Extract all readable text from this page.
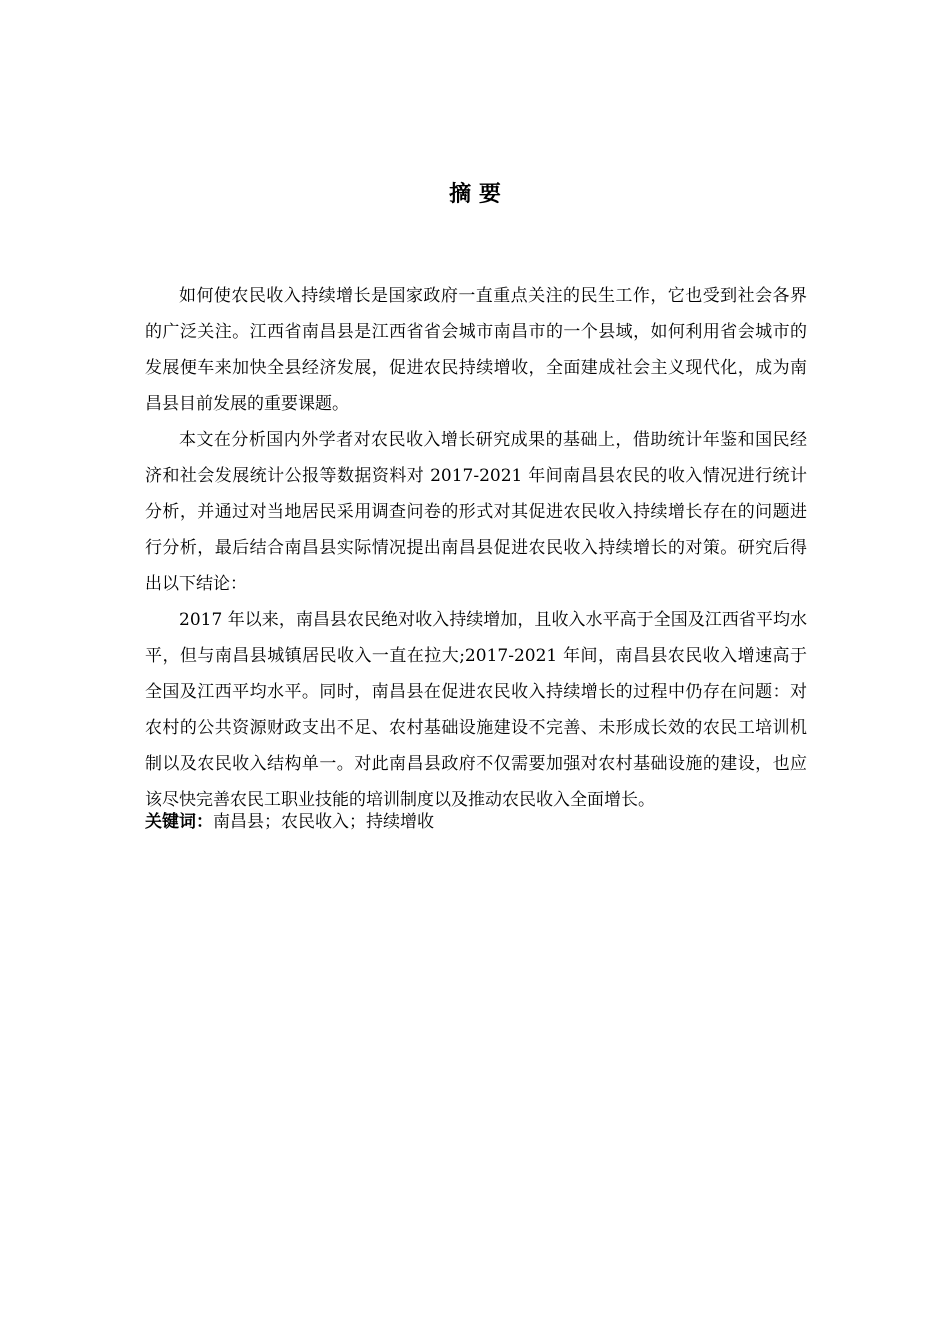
摘 要

如何使农民收入持续增长是国家政府一直重点关注的民生工作，它也受到社会各界的广泛关注。江西省南昌县是江西省省会城市南昌市的一个县域，如何利用省会城市的发展便车来加快全县经济发展，促进农民持续增收，全面建成社会主义现代化，成为南昌县目前发展的重要课题。

本文在分析国内外学者对农民收入增长研究成果的基础上，借助统计年鉴和国民经济和社会发展统计公报等数据资料对 2017-2021 年间南昌县农民的收入情况进行统计分析，并通过对当地居民采用调查问卷的形式对其促进农民收入持续增长存在的问题进行分析，最后结合南昌县实际情况提出南昌县促进农民收入持续增长的对策。研究后得出以下结论：

2017 年以来，南昌县农民绝对收入持续增加，且收入水平高于全国及江西省平均水平，但与南昌县城镇居民收入一直在拉大;2017-2021 年间，南昌县农民收入增速高于全国及江西平均水平。同时，南昌县在促进农民收入持续增长的过程中仍存在问题：对农村的公共资源财政支出不足、农村基础设施建设不完善、未形成长效的农民工培训机制以及农民收入结构单一。对此南昌县政府不仅需要加强对农村基础设施的建设，也应该尽快完善农民工职业技能的培训制度以及推动农民收入全面增长。

关键词：南昌县；农民收入；持续增收
